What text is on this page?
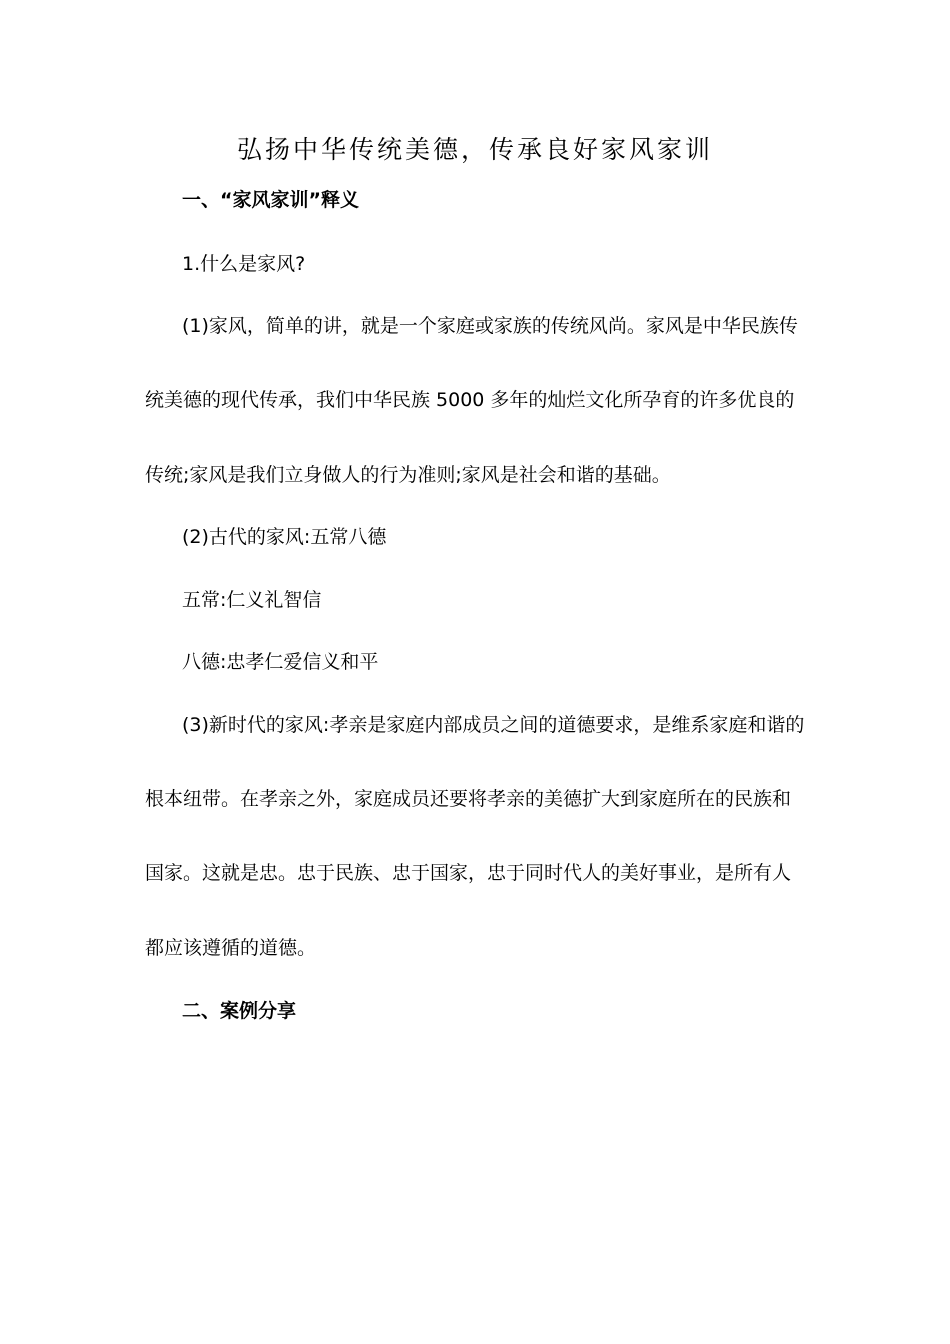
弘扬中华传统美德，传承良好家风家训
一、“家风家训”释义
1.什么是家风?
(1)家风，简单的讲，就是一个家庭或家族的传统风尚。家风是中华民族传
统美德的现代传承，我们中华民族 5000 多年的灿烂文化所孕育的许多优良的
传统;家风是我们立身做人的行为准则;家风是社会和谐的基础。
(2)古代的家风:五常八德
五常:仁义礼智信
八德:忠孝仁爱信义和平
(3)新时代的家风:孝亲是家庭内部成员之间的道德要求，是维系家庭和谐的
根本纽带。在孝亲之外，家庭成员还要将孝亲的美德扩大到家庭所在的民族和
国家。这就是忠。忠于民族、忠于国家，忠于同时代人的美好事业，是所有人
都应该遵循的道德。
二、案例分享
